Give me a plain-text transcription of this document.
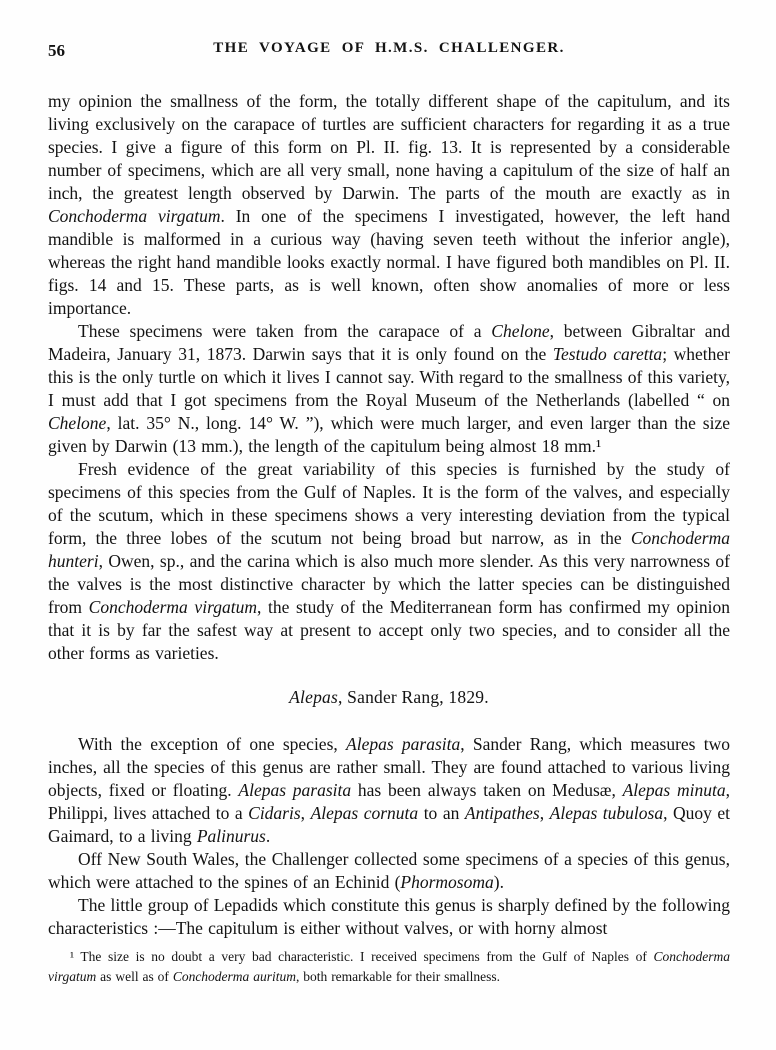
56	THE VOYAGE OF H.M.S. CHALLENGER.

my opinion the smallness of the form, the totally different shape of the capitulum, and its living exclusively on the carapace of turtles are sufficient characters for regarding it as a true species. I give a figure of this form on Pl. II. fig. 13. It is represented by a considerable number of specimens, which are all very small, none having a capitulum of the size of half an inch, the greatest length observed by Darwin. The parts of the mouth are exactly as in Conchoderma virgatum. In one of the specimens I investigated, however, the left hand mandible is malformed in a curious way (having seven teeth without the inferior angle), whereas the right hand mandible looks exactly normal. I have figured both mandibles on Pl. II. figs. 14 and 15. These parts, as is well known, often show anomalies of more or less importance.

These specimens were taken from the carapace of a Chelone, between Gibraltar and Madeira, January 31, 1873. Darwin says that it is only found on the Testudo caretta; whether this is the only turtle on which it lives I cannot say. With regard to the smallness of this variety, I must add that I got specimens from the Royal Museum of the Netherlands (labelled “ on Chelone, lat. 35° N., long. 14° W. ”), which were much larger, and even larger than the size given by Darwin (13 mm.), the length of the capitulum being almost 18 mm.¹

Fresh evidence of the great variability of this species is furnished by the study of specimens of this species from the Gulf of Naples. It is the form of the valves, and especially of the scutum, which in these specimens shows a very interesting deviation from the typical form, the three lobes of the scutum not being broad but narrow, as in the Conchoderma hunteri, Owen, sp., and the carina which is also much more slender. As this very narrowness of the valves is the most distinctive character by which the latter species can be distinguished from Conchoderma virgatum, the study of the Mediterranean form has confirmed my opinion that it is by far the safest way at present to accept only two species, and to consider all the other forms as varieties.

Alepas, Sander Rang, 1829.

With the exception of one species, Alepas parasita, Sander Rang, which measures two inches, all the species of this genus are rather small. They are found attached to various living objects, fixed or floating. Alepas parasita has been always taken on Medusæ, Alepas minuta, Philippi, lives attached to a Cidaris, Alepas cornuta to an Antipathes, Alepas tubulosa, Quoy et Gaimard, to a living Palinurus.

Off New South Wales, the Challenger collected some specimens of a species of this genus, which were attached to the spines of an Echinid (Phormosoma).

The little group of Lepadids which constitute this genus is sharply defined by the following characteristics :—The capitulum is either without valves, or with horny almost

¹ The size is no doubt a very bad characteristic. I received specimens from the Gulf of Naples of Conchoderma virgatum as well as of Conchoderma auritum, both remarkable for their smallness.
